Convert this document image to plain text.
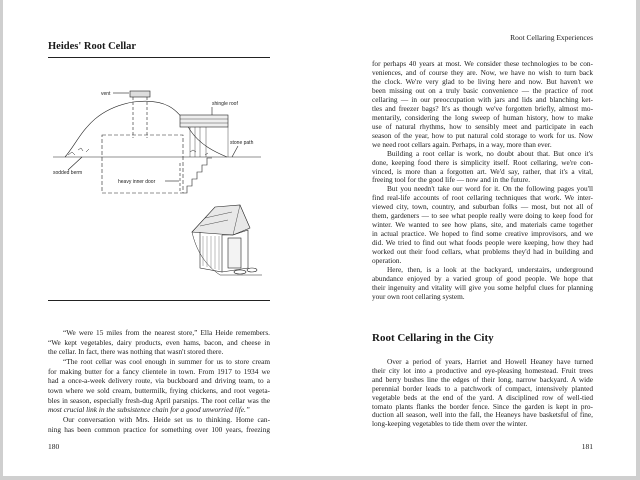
Heides' Root Cellar
vent
shingle roof
stone path
sodded berm
heavy inner door
“We were 15 miles from the nearest store,” Ella Heide remembers.
“We kept vegetables, dairy products, even hams, bacon, and cheese in
the cellar. In fact, there was nothing that wasn't stored there.
“The root cellar was cool enough in summer for us to store cream
for making butter for a fancy clientele in town. From 1917 to 1934 we
had a once-a-week delivery route, via buckboard and driving team, to a
town where we sold cream, buttermilk, frying chickens, and root vegeta-
bles in season, especially fresh-dug April parsnips. The root cellar was the
most crucial link in the subsistence chain for a good unworried life.”
Our conversation with Mrs. Heide set us to thinking. Home can-
ning has been common practice for something over 100 years, freezing
180
Root Cellaring Experiences
for perhaps 40 years at most. We consider these technologies to be con-
veniences, and of course they are. Now, we have no wish to turn back
the clock. We're very glad to be living here and now. But haven't we
been missing out on a truly basic convenience — the practice of root
cellaring — in our preoccupation with jars and lids and blanching ket-
tles and freezer bags? It's as though we've forgotten briefly, almost mo-
mentarily, considering the long sweep of human history, how to make
use of natural rhythms, how to sensibly meet and participate in each
season of the year, how to put natural cold storage to work for us. Now
we need root cellars again. Perhaps, in a way, more than ever.
Building a root cellar is work, no doubt about that. But once it's
done, keeping food there is simplicity itself. Root cellaring, we're con-
vinced, is more than a forgotten art. We'd say, rather, that it's a vital,
freeing tool for the good life — now and in the future.
But you needn't take our word for it. On the following pages you'll
find real-life accounts of root cellaring techniques that work. We inter-
viewed city, town, country, and suburban folks — most, but not all of
them, gardeners — to see what people really were doing to keep food for
winter. We wanted to see how plans, site, and materials came together
in actual practice. We hoped to find some creative improvisors, and we
did. We tried to find out what foods people were keeping, how they had
worked out their food cellars, what problems they'd had in building and
operation.
Here, then, is a look at the backyard, understairs, underground
abundance enjoyed by a varied group of good people. We hope that
their ingenuity and vitality will give you some helpful clues for planning
your own root cellaring system.
Root Cellaring in the City
Over a period of years, Harriet and Howell Heaney have turned
their city lot into a productive and eye-pleasing homestead. Fruit trees
and berry bushes line the edges of their long, narrow backyard. A wide
perennial border leads to a patchwork of compact, intensively planted
vegetable beds at the end of the yard. A disciplined row of well-tied
tomato plants flanks the border fence. Since the garden is kept in pro-
duction all season, well into the fall, the Heaneys have basketsful of fine,
long-keeping vegetables to tide them over the winter.
181
